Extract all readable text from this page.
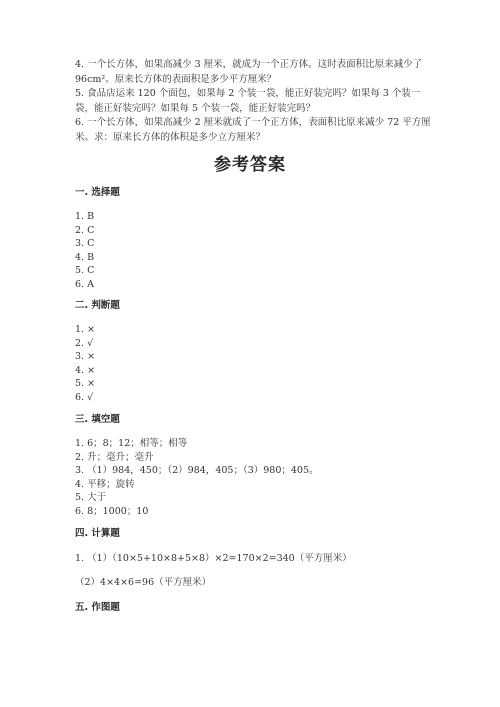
4. 一个长方体，如果高减少 3 厘米，就成为一个正方体。这时表面积比原来减少了 96cm²。原来长方体的表面积是多少平方厘米？

5. 食品店运来 120 个面包，如果每 2 个装一袋，能正好装完吗？如果每 3 个装一袋，能正好装完吗？如果每 5 个装一袋，能正好装完吗？

6. 一个长方体，如果高减少 2 厘米就成了一个正方体，表面积比原来减少 72 平方厘米。求：原来长方体的体积是多少立方厘米？

参考答案
一. 选择题

1. B

2. C

3. C

4. B

5. C

6. A

二. 判断题

1. ×

2. √

3. ×

4. ×

5. ×

6. √

三. 填空题

1. 6；8；12；相等；相等

2. 升；毫升；毫升

3. （1）984，450；（2）984，405；（3）980；405。

4. 平移；旋转

5. 大于

6. 8；1000；10

四. 计算题

1. （1）（10×5+10×8+5×8）×2=170×2=340（平方厘米）

（2）4×4×6=96（平方厘米）

五. 作图题
